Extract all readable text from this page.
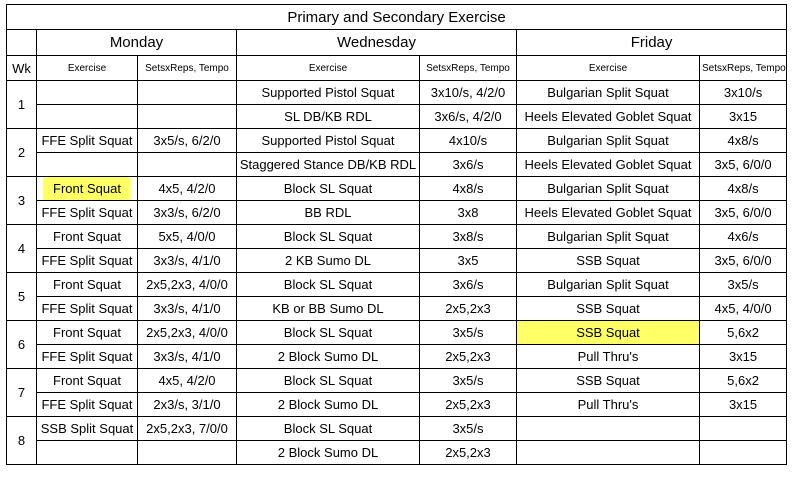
Primary and Secondary Exercise						
	Monday		Wednesday		Friday	
Wk	Exercise	SetsxReps, Tempo	Exercise	SetsxReps, Tempo	Exercise	SetsxReps, Tempo
1			Supported Pistol Squat	3x10/s, 4/2/0	Bulgarian Split Squat	3x10/s
			SL DB/KB RDL	3x6/s, 4/2/0	Heels Elevated Goblet Squat	3x15
2	FFE Split Squat	3x5/s, 6/2/0	Supported Pistol Squat	4x10/s	Bulgarian Split Squat	4x8/s
			Staggered Stance DB/KB RDL	3x6/s	Heels Elevated Goblet Squat	3x5, 6/0/0
3	Front Squat	4x5, 4/2/0	Block SL Squat	4x8/s	Bulgarian Split Squat	4x8/s
	FFE Split Squat	3x3/s, 6/2/0	BB RDL	3x8	Heels Elevated Goblet Squat	3x5, 6/0/0
4	Front Squat	5x5, 4/0/0	Block SL Squat	3x8/s	Bulgarian Split Squat	4x6/s
	FFE Split Squat	3x3/s, 4/1/0	2 KB Sumo DL	3x5	SSB Squat	3x5, 6/0/0
5	Front Squat	2x5,2x3, 4/0/0	Block SL Squat	3x6/s	Bulgarian Split Squat	3x5/s
	FFE Split Squat	3x3/s, 4/1/0	KB or BB Sumo DL	2x5,2x3	SSB Squat	4x5, 4/0/0
6	Front Squat	2x5,2x3, 4/0/0	Block SL Squat	3x5/s	SSB Squat	5,6x2
	FFE Split Squat	3x3/s, 4/1/0	2 Block Sumo DL	2x5,2x3	Pull Thru's	3x15
7	Front Squat	4x5, 4/2/0	Block SL Squat	3x5/s	SSB Squat	5,6x2
	FFE Split Squat	2x3/s, 3/1/0	2 Block Sumo DL	2x5,2x3	Pull Thru's	3x15
8	SSB Split Squat	2x5,2x3, 7/0/0	Block SL Squat	3x5/s		
			2 Block Sumo DL	2x5,2x3		
